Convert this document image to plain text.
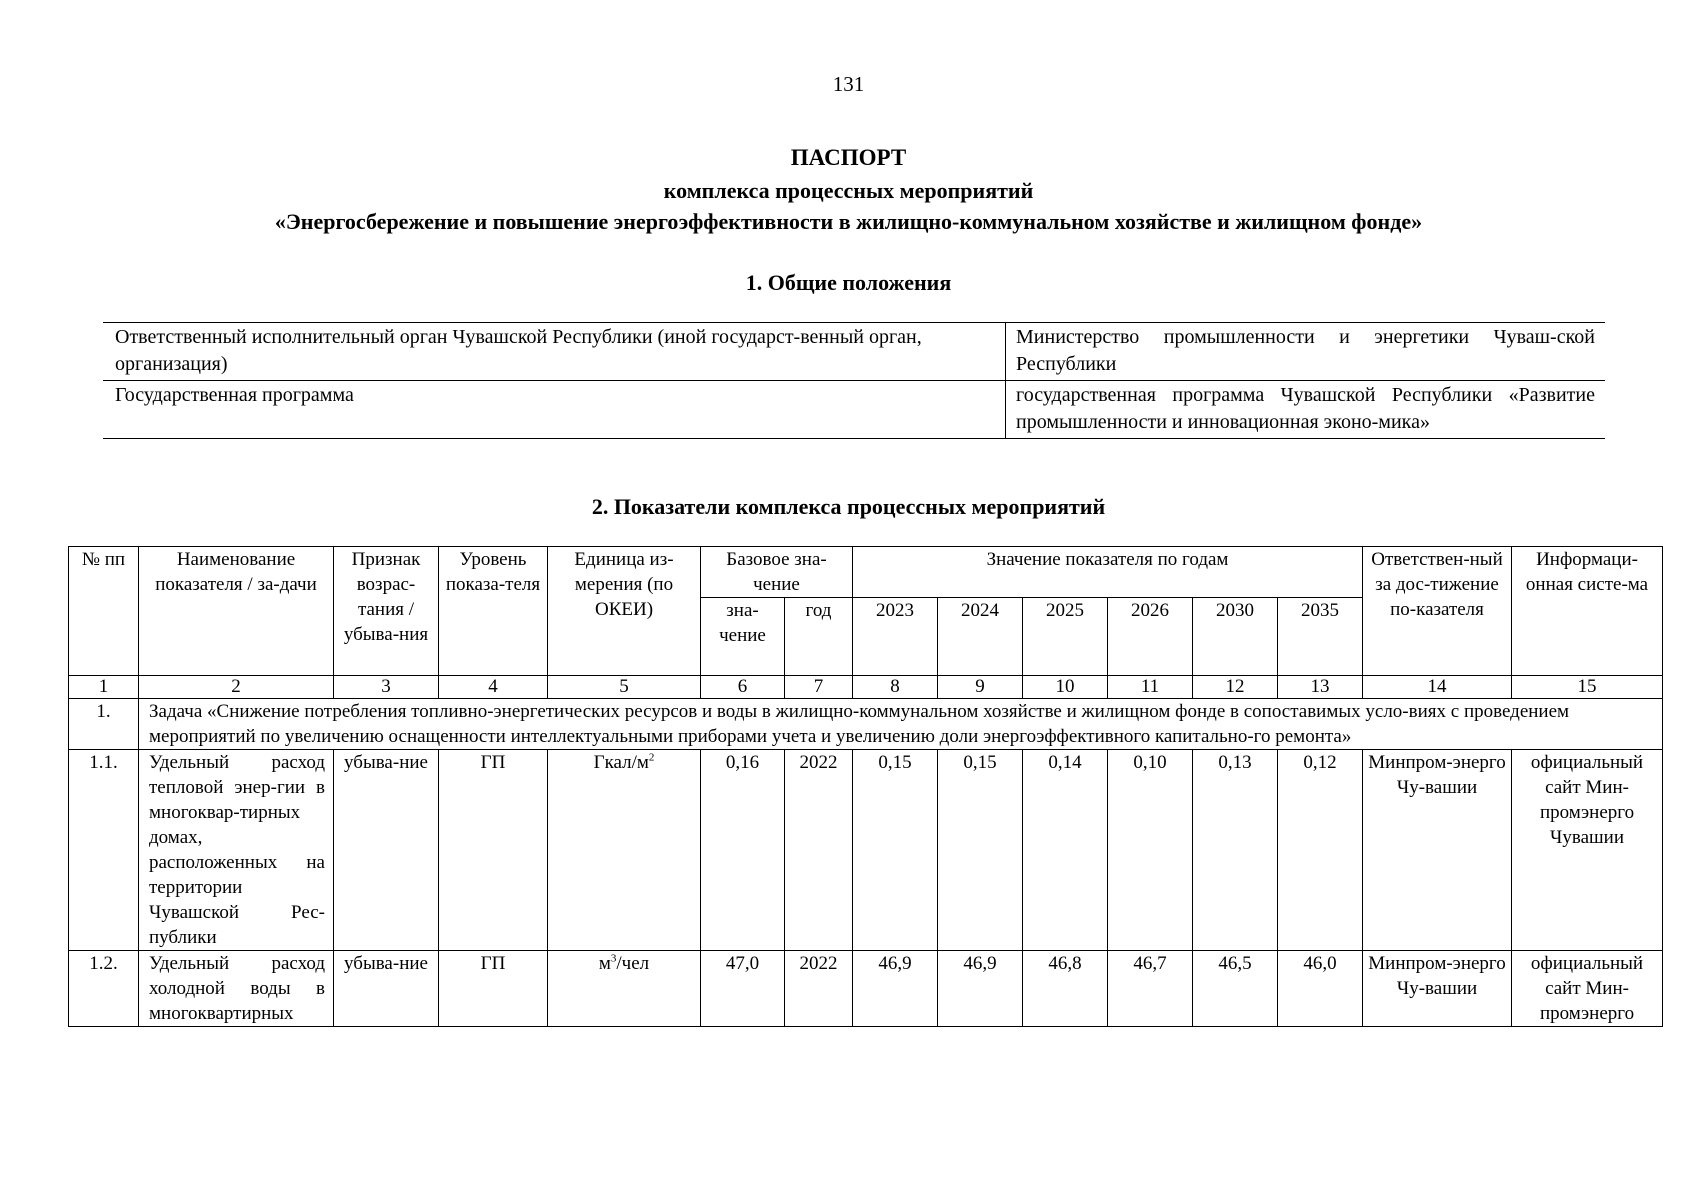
131
ПАСПОРТ
комплекса процессных мероприятий
«Энергосбережение и повышение энергоэффективности в жилищно-коммунальном хозяйстве и жилищном фонде»
1. Общие положения
Ответственный исполнительный орган Чувашской Республики (иной государст-венный орган, организация)	Министерство промышленности и энергетики Чуваш-ской Республики
Государственная программа	государственная программа Чувашской Республики «Развитие промышленности и инновационная эконо-мика»
2. Показатели комплекса процессных мероприятий
№ пп	Наименование показателя / за-дачи	Признак возрас-тания / убыва-ния	Уровень показа-теля	Единица из-мерения (по ОКЕИ)	Базовое зна-чение		Значение показателя по годам						Ответствен-ный за дос-тижение по-казателя	Информаци-онная систе-ма
					зна-чение	год	2023	2024	2025	2026	2030	2035		
1	2	3	4	5	6	7	8	9	10	11	12	13	14	15
1.	Задача «Снижение потребления топливно-энергетических ресурсов и воды в жилищно-коммунальном хозяйстве и жилищном фонде в сопоставимых усло-виях с проведением мероприятий по увеличению оснащенности интеллектуальными приборами учета и увеличению доли энергоэффективного капитально-го ремонта»													
1.1.	Удельный расход тепловой энер-гии в многоквар-тирных домах, расположенных на территории Чувашской Рес-публики	убыва-ние	ГП	Гкал/$м^2$	0,16	2022	0,15	0,15	0,14	0,10	0,13	0,12	Минпром-энерго Чу-вашии	официальный сайт Мин-промэнерго Чувашии
1.2.	Удельный расход холодной воды в многоквартирных	убыва-ние	ГП	$м^3$/чел	47,0	2022	46,9	46,9	46,8	46,7	46,5	46,0	Минпром-энерго Чу-вашии	официальный сайт Мин-промэнерго
